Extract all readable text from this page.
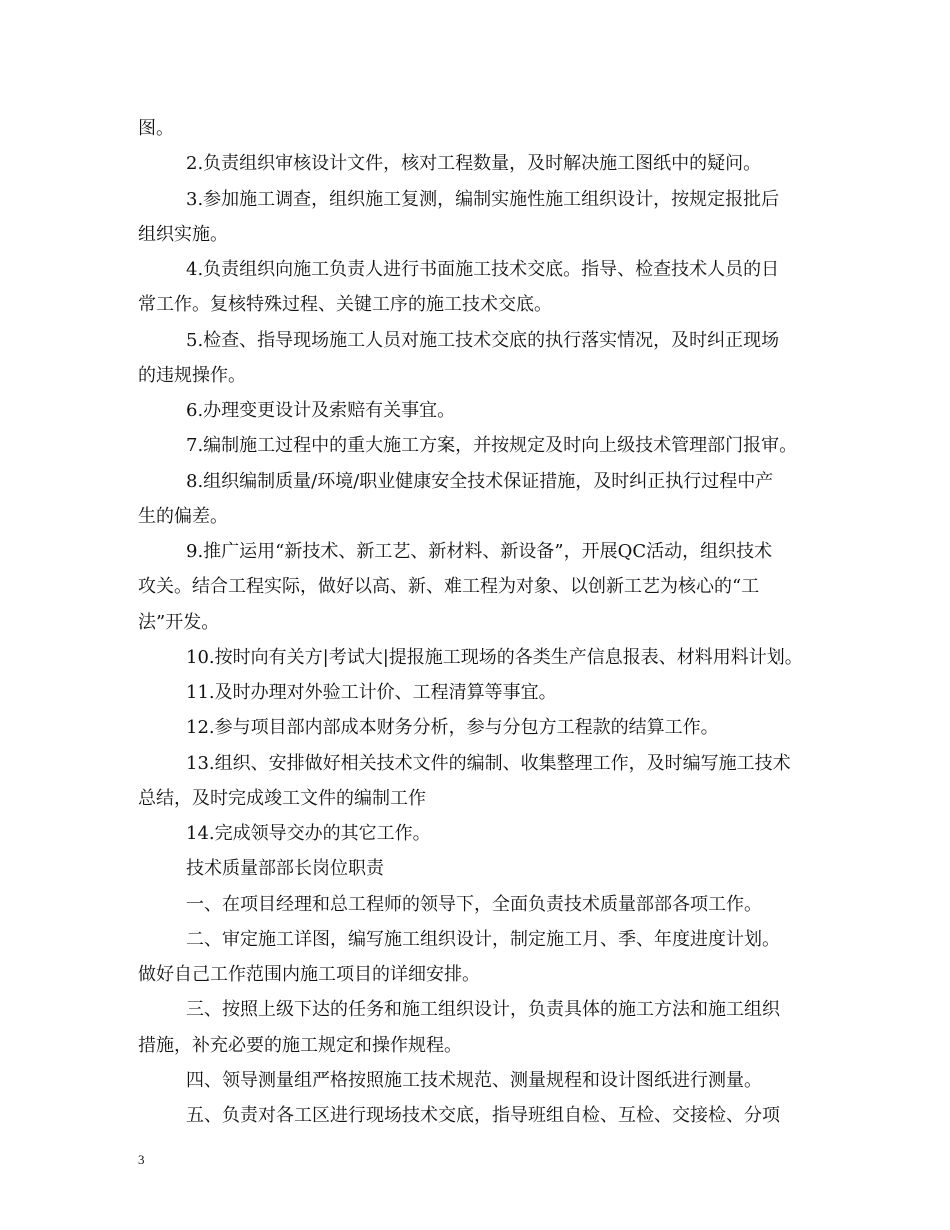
图。
2.负责组织审核设计文件，核对工程数量，及时解决施工图纸中的疑问。
3.参加施工调查，组织施工复测，编制实施性施工组织设计，按规定报批后
组织实施。
4.负责组织向施工负责人进行书面施工技术交底。指导、检查技术人员的日
常工作。复核特殊过程、关键工序的施工技术交底。
5.检查、指导现场施工人员对施工技术交底的执行落实情况，及时纠正现场
的违规操作。
6.办理变更设计及索赔有关事宜。
7.编制施工过程中的重大施工方案，并按规定及时向上级技术管理部门报审。
8.组织编制质量/环境/职业健康安全技术保证措施，及时纠正执行过程中产
生的偏差。
9.推广运用“新技术、新工艺、新材料、新设备”，开展QC活动，组织技术
攻关。结合工程实际，做好以高、新、难工程为对象、以创新工艺为核心的“工
法”开发。
10.按时向有关方|考试大|提报施工现场的各类生产信息报表、材料用料计划。
11.及时办理对外验工计价、工程清算等事宜。
12.参与项目部内部成本财务分析，参与分包方工程款的结算工作。
13.组织、安排做好相关技术文件的编制、收集整理工作，及时编写施工技术
总结，及时完成竣工文件的编制工作
14.完成领导交办的其它工作。
技术质量部部长岗位职责
一、在项目经理和总工程师的领导下，全面负责技术质量部部各项工作。
二、审定施工详图，编写施工组织设计，制定施工月、季、年度进度计划。
做好自己工作范围内施工项目的详细安排。
三、按照上级下达的任务和施工组织设计，负责具体的施工方法和施工组织
措施，补充必要的施工规定和操作规程。
四、领导测量组严格按照施工技术规范、测量规程和设计图纸进行测量。
五、负责对各工区进行现场技术交底，指导班组自检、互检、交接检、分项
3
